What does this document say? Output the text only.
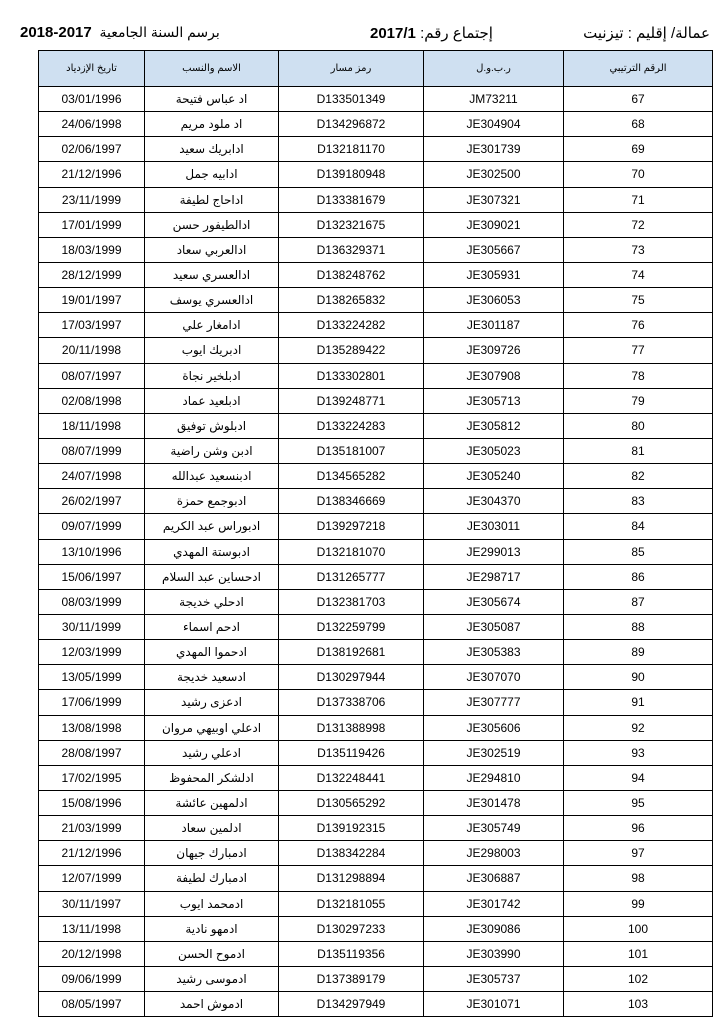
عمالة/ إقليم : تيزنيت
2017/1 إجتماع رقم:
2018-2017 برسم السنة الجامعية
تاريخ الإزدياد	الاسم والنسب	رمز مسار	ر.ب.و.ل	الرقم الترتيبي
03/01/1996	اد عباس فتيحة	D133501349	JM73211	67
24/06/1998	اد ملود مريم	D134296872	JE304904	68
02/06/1997	ادابريك سعيد	D132181170	JE301739	69
21/12/1996	ادابيه جمل	D139180948	JE302500	70
23/11/1999	اداحاج لطيفة	D133381679	JE307321	71
17/01/1999	ادالطيفور حسن	D132321675	JE309021	72
18/03/1999	ادالعربي سعاد	D136329371	JE305667	73
28/12/1999	ادالعسري سعيد	D138248762	JE305931	74
19/01/1997	ادالعسري يوسف	D138265832	JE306053	75
17/03/1997	ادامغار علي	D133224282	JE301187	76
20/11/1998	ادبريك ايوب	D135289422	JE309726	77
08/07/1997	ادبلخير نجاة	D133302801	JE307908	78
02/08/1998	ادبلعيد عماد	D139248771	JE305713	79
18/11/1998	ادبلوش توفيق	D133224283	JE305812	80
08/07/1999	ادبن وشن راضية	D135181007	JE305023	81
24/07/1998	ادبنسعيد عبدالله	D134565282	JE305240	82
26/02/1997	ادبوجمع حمزة	D138346669	JE304370	83
09/07/1999	ادبوراس عبد الكريم	D139297218	JE303011	84
13/10/1996	ادبوستة المهدي	D132181070	JE299013	85
15/06/1997	ادحساين عبد السلام	D131265777	JE298717	86
08/03/1999	ادحلي خديجة	D132381703	JE305674	87
30/11/1999	ادحم اسماء	D132259799	JE305087	88
12/03/1999	ادحموا المهدي	D138192681	JE305383	89
13/05/1999	ادسعيد خديجة	D130297944	JE307070	90
17/06/1999	ادعزى رشيد	D137338706	JE307777	91
13/08/1998	ادعلي اوبيهي مروان	D131388998	JE305606	92
28/08/1997	ادعلي رشيد	D135119426	JE302519	93
17/02/1995	ادلشكر المحفوظ	D132248441	JE294810	94
15/08/1996	ادلمهين عائشة	D130565292	JE301478	95
21/03/1999	ادلمين سعاد	D139192315	JE305749	96
21/12/1996	ادمبارك جيهان	D138342284	JE298003	97
12/07/1999	ادمبارك لطيفة	D131298894	JE306887	98
30/11/1997	ادمحمد ايوب	D132181055	JE301742	99
13/11/1998	ادمهو نادية	D130297233	JE309086	100
20/12/1998	ادموح الحسن	D135119356	JE303990	101
09/06/1999	ادموسى رشيد	D137389179	JE305737	102
08/05/1997	ادموش احمد	D134297949	JE301071	103
